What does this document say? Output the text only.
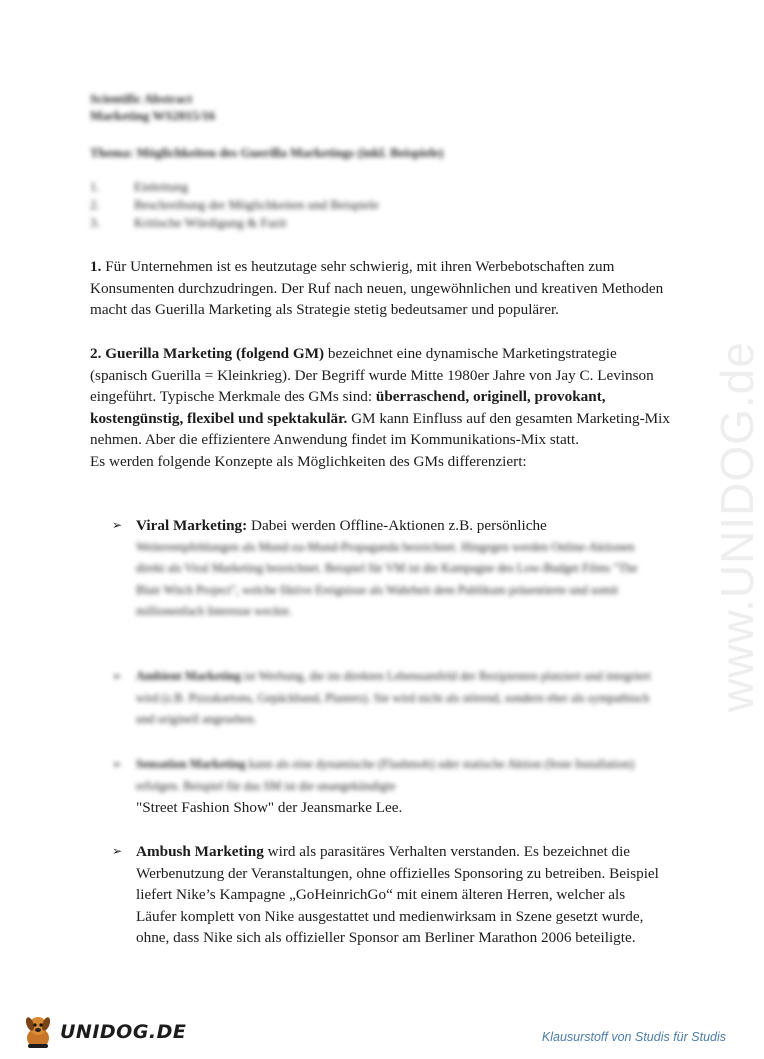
www.UNIDOG.de
Scientific Abstract
Marketing WS2015/16
Thema: Möglichkeiten des Guerilla Marketings (inkl. Beispiele)
1.	Einleitung
2.	Beschreibung der Möglichkeiten und Beispiele
3.	Kritische Würdigung & Fazit
1. Für Unternehmen ist es heutzutage sehr schwierig, mit ihren Werbebotschaften zum Konsumenten durchzudringen. Der Ruf nach neuen, ungewöhnlichen und kreativen Methoden macht das Guerilla Marketing als Strategie stetig bedeutsamer und populärer.
2. Guerilla Marketing (folgend GM) bezeichnet eine dynamische Marketingstrategie (spanisch Guerilla = Kleinkrieg). Der Begriff wurde Mitte 1980er Jahre von Jay C. Levinson eingeführt. Typische Merkmale des GMs sind: überraschend, originell, provokant, kostengünstig, flexibel und spektakulär. GM kann Einfluss auf den gesamten Marketing-Mix nehmen. Aber die effizientere Anwendung findet im Kommunikations-Mix statt.
Es werden folgende Konzepte als Möglichkeiten des GMs differenziert:
➢ Viral Marketing: Dabei werden Offline-Aktionen z.B. persönliche
Weiterempfehlungen als Mund-zu-Mund-Propaganda bezeichnet. Hingegen werden Online-Aktionen direkt als Viral Marketing bezeichnet. Beispiel für VM ist die Kampagne des Low-Budget Films "The Blair Witch Project", welche fiktive Ereignisse als Wahrheit dem Publikum präsentierte und somit millionenfach Interesse weckte.
➢ Ambient Marketing ist Werbung, die im direkten Lebensumfeld der Rezipienten platziert und integriert wird (z.B. Pizzakartons, Gepäckband, Plasters). Sie wird nicht als störend, sondern eher als sympathisch und originell angesehen.
➢ Sensation Marketing kann als eine dynamische (Flashmob) oder statische Aktion (feste Installation) erfolgen. Beispiel für das SM ist die unangekündigte
"Street Fashion Show" der Jeansmarke Lee.
➢ Ambush Marketing wird als parasitäres Verhalten verstanden. Es bezeichnet die Werbenutzung der Veranstaltungen, ohne offizielles Sponsoring zu betreiben. Beispiel liefert Nike’s Kampagne „GoHeinrichGo“ mit einem älteren Herren, welcher als Läufer komplett von Nike ausgestattet und medienwirksam in Szene gesetzt wurde, ohne, dass Nike sich als offizieller Sponsor am Berliner Marathon 2006 beteiligte.
UNIDOG.DE	Klausurstoff von Studis für Studis
